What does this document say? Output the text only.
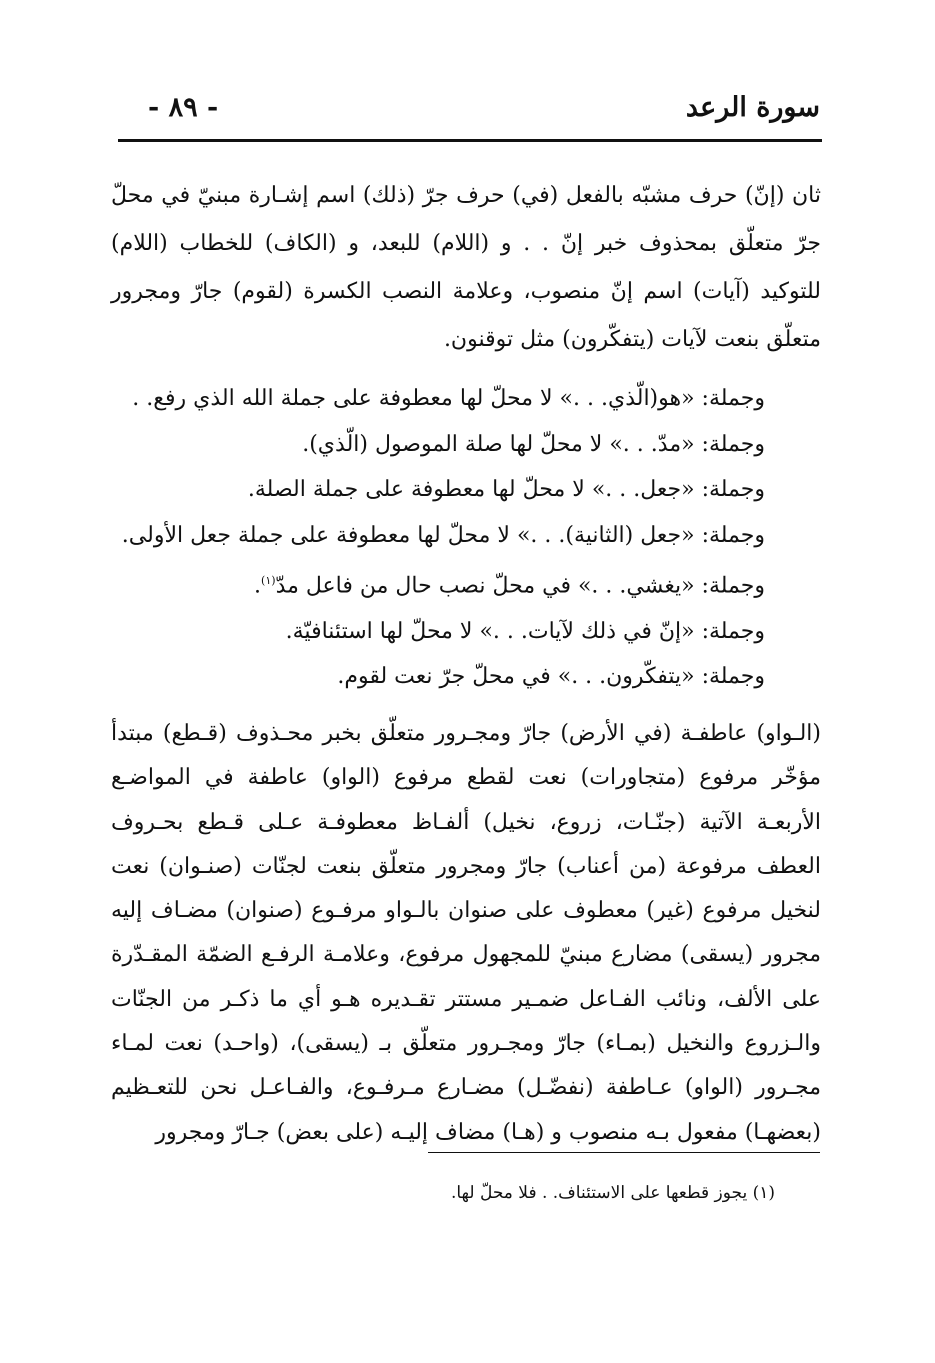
سورة الرعد
- ٨٩ -
ثان (إنّ) حرف مشبّه بالفعل (في) حرف جرّ (ذلك) اسم إشـارة مبنيّ في محلّ جرّ متعلّق بمحذوف خبر إنّ . . و (اللام) للبعد، و (الكاف) للخطاب (اللام) للتوكيد (آيات) اسم إنّ منصوب، وعلامة النصب الكسرة (لقوم) جارّ ومجرور متعلّق بنعت لآيات (يتفكّرون) مثل توقنون.
وجملة: «هو(الّذي. . .» لا محلّ لها معطوفة على جملة الله الذي رفع. .
وجملة: «مدّ. . .» لا محلّ لها صلة الموصول (الّذي).
وجملة: «جعل. . .» لا محلّ لها معطوفة على جملة الصلة.
وجملة: «جعل (الثانية). . .» لا محلّ لها معطوفة على جملة جعل الأولى.
وجملة: «يغشي. . .» في محلّ نصب حال من فاعل مدّ$^{(١)}$.
وجملة: «إنّ في ذلك لآيات. . .» لا محلّ لها استئنافيّة.
وجملة: «يتفكّرون. . .» في محلّ جرّ نعت لقوم.
(الـواو) عاطفـة (في الأرض) جارّ ومجـرور متعلّق بخبر محـذوف (قـطع) مبتدأ مؤخّر مرفوع (متجاورات) نعت لقطع مرفوع (الواو) عاطفة في المواضـع الأربعـة الآتية (جنّـات، زروع، نخيل) ألفـاظ معطوفـة عـلى قـطع بحـروف العطف مرفوعة (من أعناب) جارّ ومجرور متعلّق بنعت لجنّات (صنـوان) نعت لنخيل مرفوع (غير) معطوف على صنوان بالـواو مرفـوع (صنوان) مضـاف إليه مجرور (يسقى) مضارع مبنيّ للمجهول مرفوع، وعلامـة الرفـع الضمّة المقـدّرة على الألف، ونائب الفـاعل ضمـير مستتر تقـديره هـو أي ما ذكـر من الجنّات والـزروع والنخيل (بمـاء) جارّ ومجـرور متعلّق بـ (يسقى)، (واحـد) نعت لمـاء مجـرور (الواو) عـاطفة (نفضّـل) مضـارع مـرفـوع، والفـاعـل نحن للتعـظيم (بعضهـا) مفعول بـه منصوب و (هـا) مضاف إليـه (على بعض) جـارّ ومجرور
(١) يجوز قطعها على الاستئناف. . فلا محلّ لها.
